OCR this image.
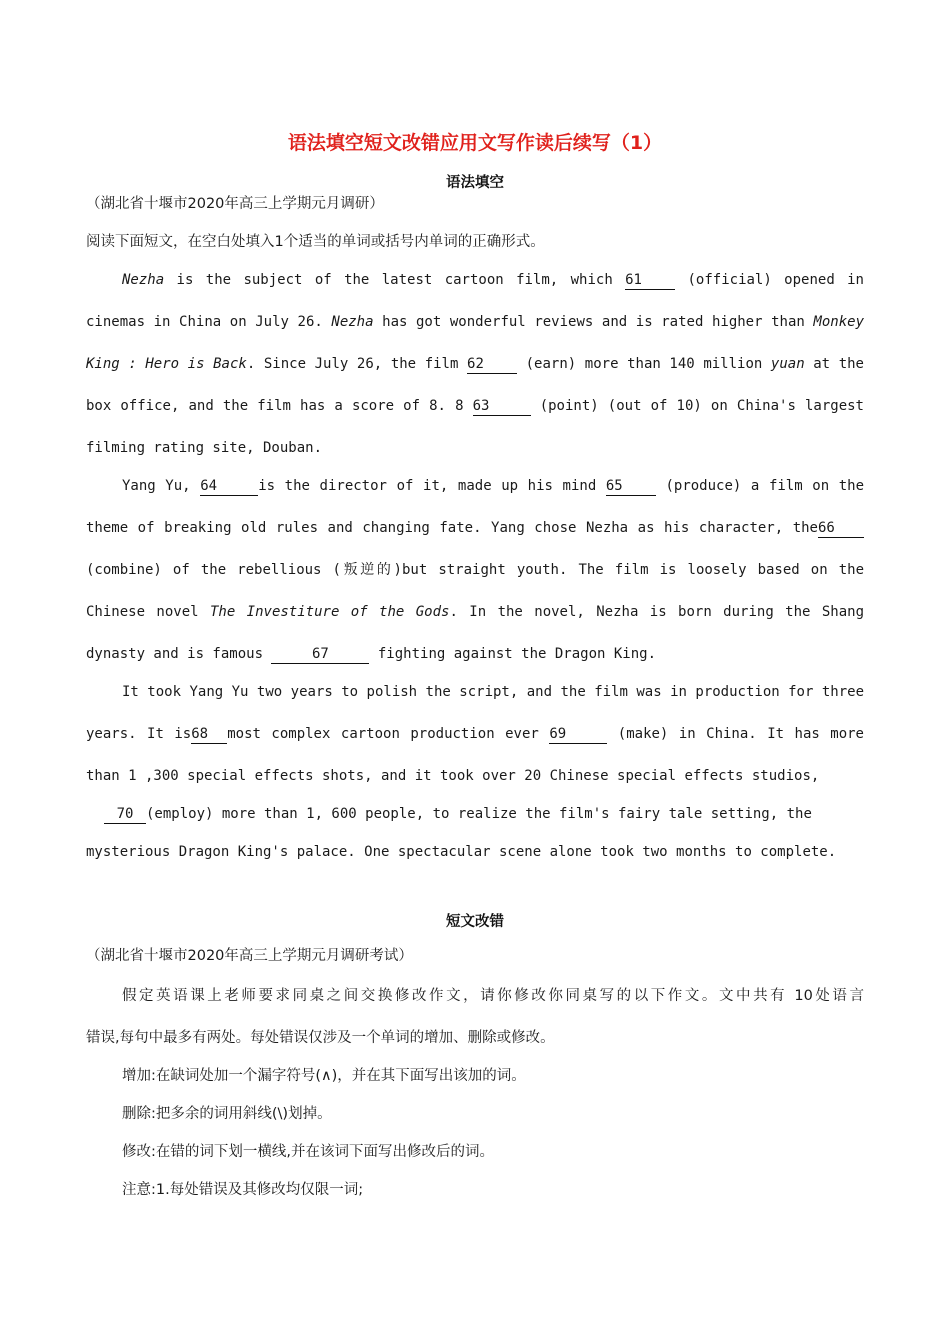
语法填空短文改错应用文写作读后续写（1）
语法填空
（湖北省十堰市2020年高三上学期元月调研）
阅读下面短文，在空白处填入1个适当的单词或括号内单词的正确形式。
Nezha is the subject of the latest cartoon film, which 61 (official) opened in
cinemas in China on July 26. Nezha has got wonderful reviews and is rated higher than Monkey
King : Hero is Back. Since July 26, the film 62 (earn) more than 140 million yuan at the
box office, and the film has a score of 8. 8 63	(point) (out of 10) on China's largest
filming rating site, Douban.
Yang Yu, 64	is the director of it, made up his mind 65 (produce) a film on the
theme of breaking old rules and changing fate. Yang chose Nezha as his character, the66
(combine) of the rebellious (叛逆的)but straight youth. The film is loosely based on the
Chinese novel The Investiture of the Gods. In the novel, Nezha is born during the Shang
dynasty and is famous	67	fighting against the Dragon King.
It took Yang Yu two years to polish the script, and the film was in production for three
years. It is68 most complex cartoon production ever 69	(make) in China. It has more
than 1 ,300 special effects shots, and it took over 20 Chinese special effects studios,
70 (employ) more than 1, 600 people, to realize the film's fairy tale setting, the
mysterious Dragon King's palace. One spectacular scene alone took two months to complete.
短文改错
（湖北省十堰市2020年高三上学期元月调研考试）
假定英语课上老师要求同桌之间交换修改作文，请你修改你同桌写的以下作文。文中共有 10处语言
错误,每句中最多有两处。每处错误仅涉及一个单词的增加、删除或修改。
增加:在缺词处加一个漏字符号(∧)，并在其下面写出该加的词。
删除:把多余的词用斜线(\)划掉。
修改:在错的词下划一横线,并在该词下面写出修改后的词。
注意:1.每处错误及其修改均仅限一词;
